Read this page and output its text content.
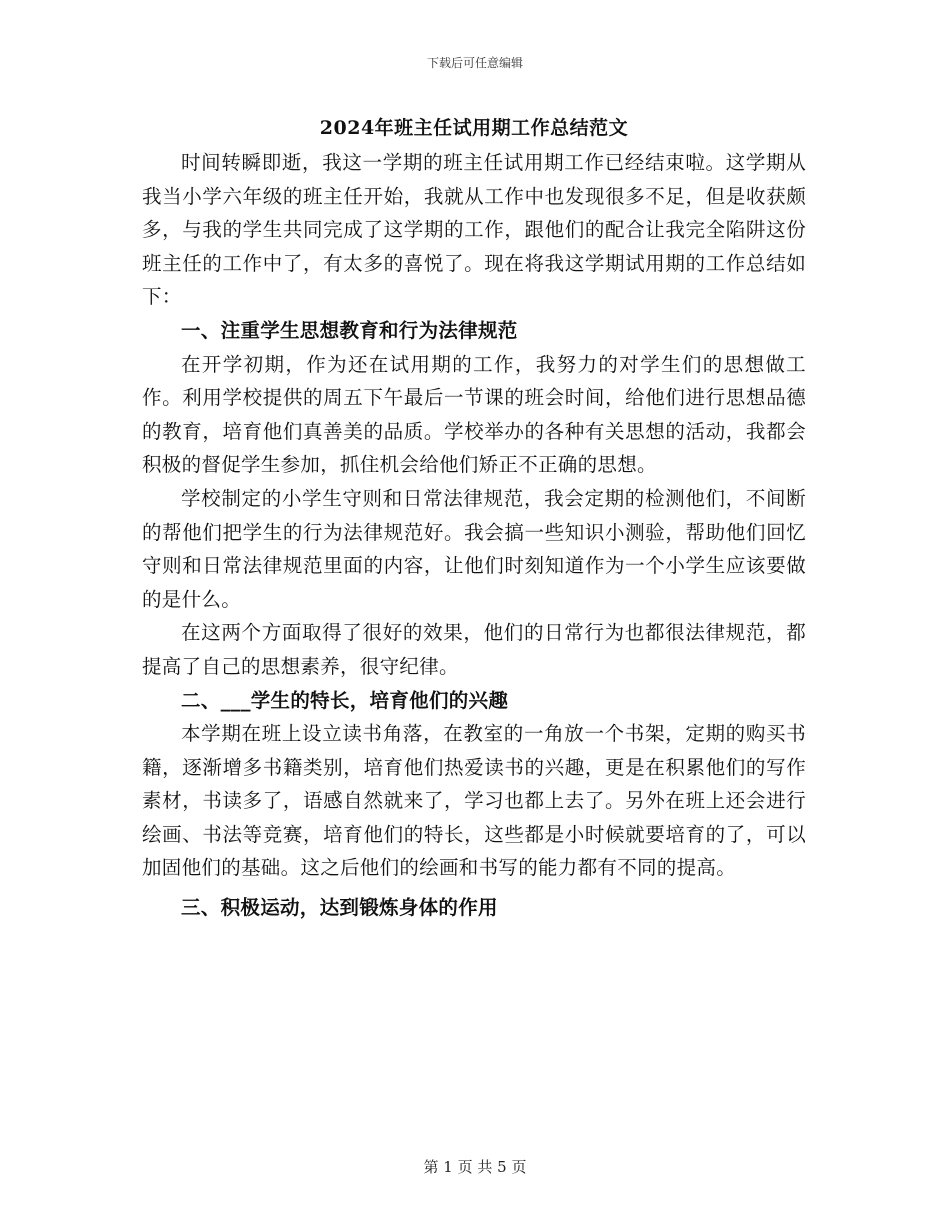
下载后可任意编辑
2024年班主任试用期工作总结范文

时间转瞬即逝，我这一学期的班主任试用期工作已经结束啦。这学期从我当小学六年级的班主任开始，我就从工作中也发现很多不足，但是收获颇多，与我的学生共同完成了这学期的工作，跟他们的配合让我完全陷阱这份班主任的工作中了，有太多的喜悦了。现在将我这学期试用期的工作总结如下：

一、注重学生思想教育和行为法律规范

在开学初期，作为还在试用期的工作，我努力的对学生们的思想做工作。利用学校提供的周五下午最后一节课的班会时间，给他们进行思想品德的教育，培育他们真善美的品质。学校举办的各种有关思想的活动，我都会积极的督促学生参加，抓住机会给他们矫正不正确的思想。

学校制定的小学生守则和日常法律规范，我会定期的检测他们，不间断的帮他们把学生的行为法律规范好。我会搞一些知识小测验，帮助他们回忆守则和日常法律规范里面的内容，让他们时刻知道作为一个小学生应该要做的是什么。

在这两个方面取得了很好的效果，他们的日常行为也都很法律规范，都提高了自己的思想素养，很守纪律。

二、___学生的特长，培育他们的兴趣

本学期在班上设立读书角落，在教室的一角放一个书架，定期的购买书籍，逐渐增多书籍类别，培育他们热爱读书的兴趣，更是在积累他们的写作素材，书读多了，语感自然就来了，学习也都上去了。另外在班上还会进行绘画、书法等竞赛，培育他们的特长，这些都是小时候就要培育的了，可以加固他们的基础。这之后他们的绘画和书写的能力都有不同的提高。

三、积极运动，达到锻炼身体的作用
第 1 页 共 5 页
